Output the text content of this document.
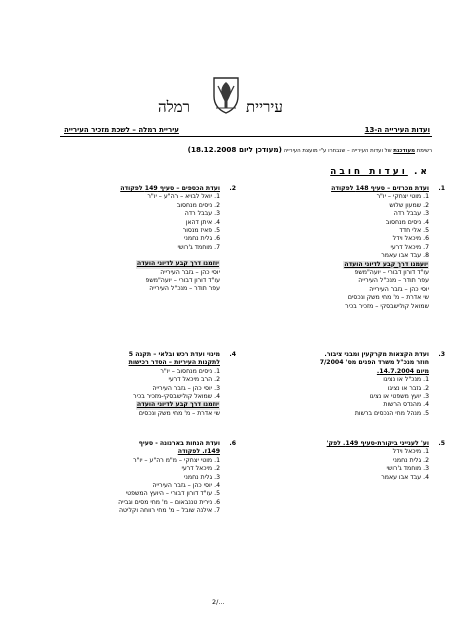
רמלה	עיריית
ועדות העירייה ה-13
עיריית רמלה – לשכת מזכיר העירייה
רשימת מעודכנת של ועדות העירייה – שנבחרו ע"י מועצת העירייה (מעודכן ליום 18.12.2008)
א. ועדות חובה
1.
ועדת מכרזים – סעיף 148 לפקודה
1. מוטי יצחקי – יו"ר
2. שמעון שלוש
3. עבבל רדה
4. ניסים מנחסוב
5. אלי חדד
6. מיכאל וידל
7. מיכאל דרעי
8. עבד אבו עאמר
יועמנו דרך קבע לדיוני הועדה
עו"ד דורון דבורי – יועה"משפ
עפר תודר – מנכ"ל העירייה
יוסי כהן – גזבר העירייה
שי אדרת – מ' מחי משק ונכסים
שמואל קולישבסקי – מזכיר בכיר
2.
ועדת הכספים – סעיף 149 לפקודה
1. יואל לבויא – רה"ע – יו"ר
2. ניסים מנחסוב
3. עבבל רדה
4. איתן דהאן
5. פאיז מנסור
6. גלית נחמני
7. מוחמד ג'רושי
יוזמנו דרך קבע לדיוני הועדה
יוסי כהן – גזבר העירייה
עו"ד דורון דבורי – יועה"משפ
עפר תודר – מנכ"ל העירייה
3.
ועדת הקצאות מקרקעין ומבני ציבור.
חוזר מנכ"ל משרד הפנים מס' 7/2004
מיום 14.7.2004.
1. מנכ"ל או נציגו
2. גזבר או נציגו
3. יועץ משפטי או נציגו
4. מהנדס הרשות
5. מנהל מחי הנכסים ברשות
4.
מינוי ועדת רכש ובלאי – תקנה 5
לתקנות העיריות – הסדר רכישות
1. ניסים מנחסוב – יו"ר
2. הרב מיכאל דרעי
3. יוסי כהן – גזבר העירייה
4. שמואל קולישבסקי-מזכיר בכיר
יוזמנו דרך קבע לדיוני הועדה
שי אדרת – מ' מחי משק ונכסים
5.
וע' לענייני ביקורת-סעיף 149. לפק'
1. מיכאל וידל
2. גלית נחמני
3. מוחמד ג'רושי
4. עבד אבו עאמר
6.
ועדת הנחות בארנונה - סעיף
149ז. לפקודה
1. מוטי יצחקי – מ"מ רה"ע – יו"ר
2. מיכאל דרעי
3. גלית נחמני
4. יוסי כהן – גזבר העירייה
5. עו"ד דורון דבורי – היועץ המשפטי
6. נירית טננבאום – מ' מחי מסים וגבייה
7. אילנה שובל – מ' מחי רווחה וקליטה
2/...
